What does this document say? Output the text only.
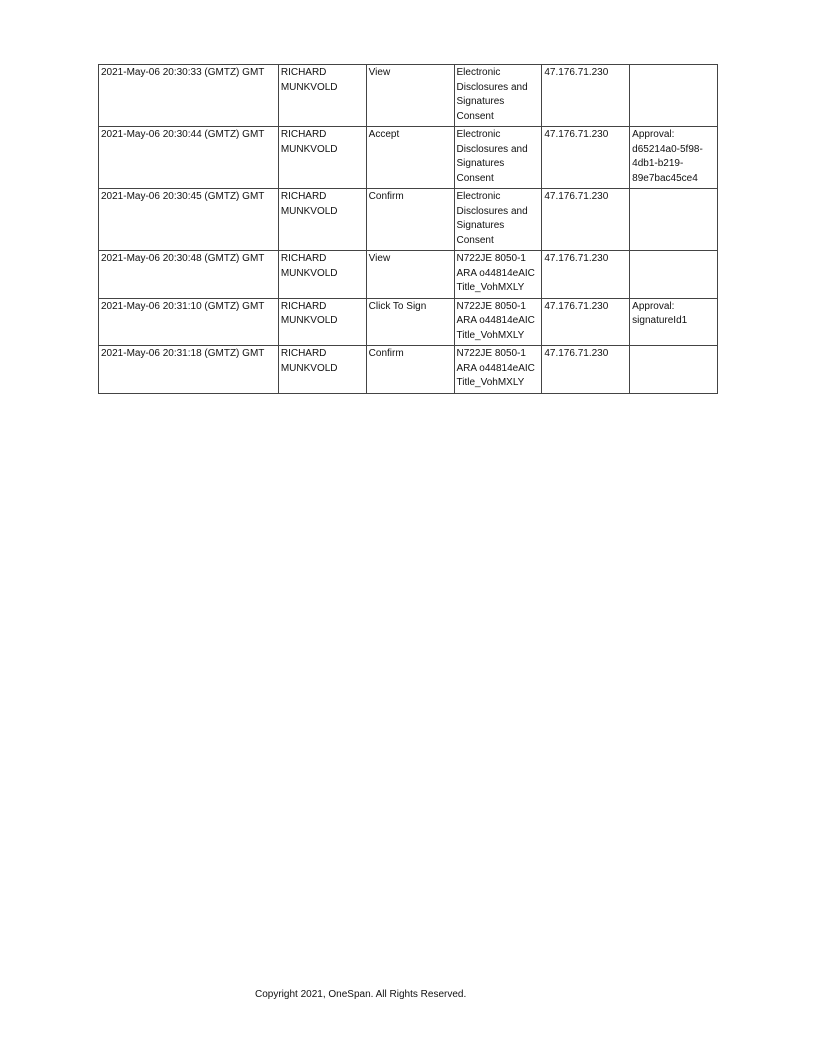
2021-May-06 20:30:33 (GMTZ) GMT	RICHARD
MUNKVOLD	View	Electronic
Disclosures and
Signatures
Consent	47.176.71.230	
2021-May-06 20:30:44 (GMTZ) GMT	RICHARD
MUNKVOLD	Accept	Electronic
Disclosures and
Signatures
Consent	47.176.71.230	Approval:
d65214a0-5f98-
4db1-b219-
89e7bac45ce4
2021-May-06 20:30:45 (GMTZ) GMT	RICHARD
MUNKVOLD	Confirm	Electronic
Disclosures and
Signatures
Consent	47.176.71.230	
2021-May-06 20:30:48 (GMTZ) GMT	RICHARD
MUNKVOLD	View	N722JE 8050-1
ARA o44814eAIC
Title_VohMXLY	47.176.71.230	
2021-May-06 20:31:10 (GMTZ) GMT	RICHARD
MUNKVOLD	Click To Sign	N722JE 8050-1
ARA o44814eAIC
Title_VohMXLY	47.176.71.230	Approval:
signatureId1
2021-May-06 20:31:18 (GMTZ) GMT	RICHARD
MUNKVOLD	Confirm	N722JE 8050-1
ARA o44814eAIC
Title_VohMXLY	47.176.71.230	
Copyright 2021, OneSpan. All Rights Reserved.
